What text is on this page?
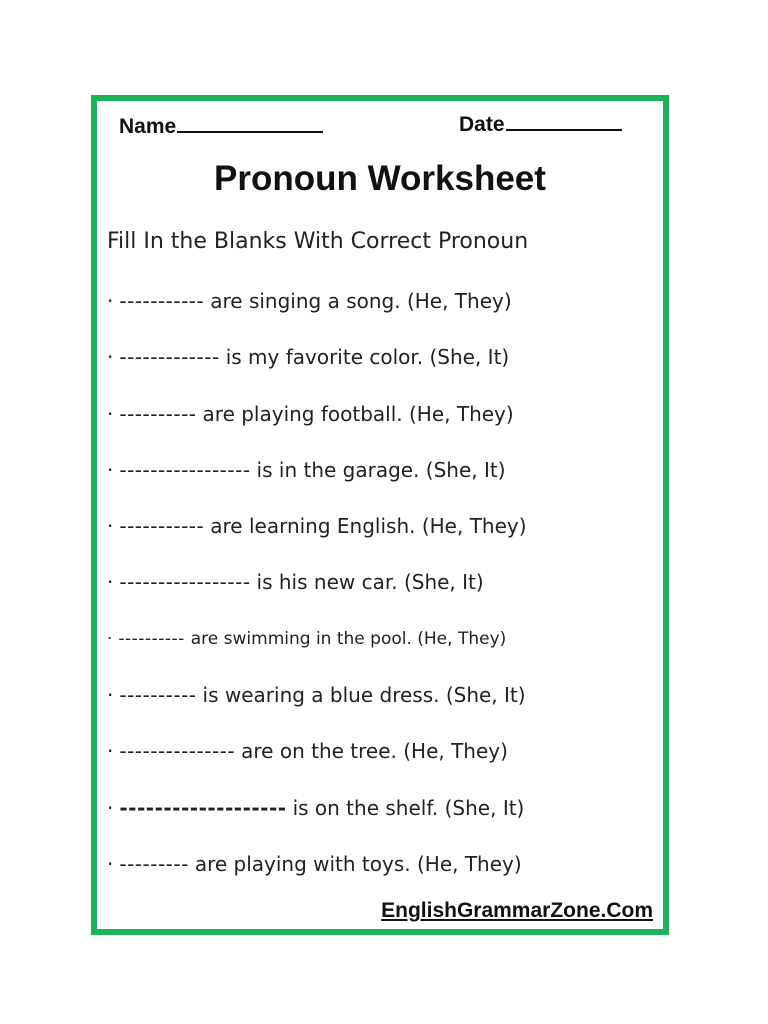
Name	Date
Pronoun Worksheet
Fill In the Blanks With Correct Pronoun
· ----------- are singing a song. (He, They)
· ------------- is my favorite color. (She, It)
· ---------- are playing football. (He, They)
· ----------------- is in the garage. (She, It)
· ----------- are learning English. (He, They)
· ----------------- is his new car. (She, It)
· ---------- are swimming in the pool. (He, They)
· ---------- is wearing a blue dress. (She, It)
· --------------- are on the tree. (He, They)
· ------------------- is on the shelf. (She, It)
· --------- are playing with toys. (He, They)
EnglishGrammarZone.Com
